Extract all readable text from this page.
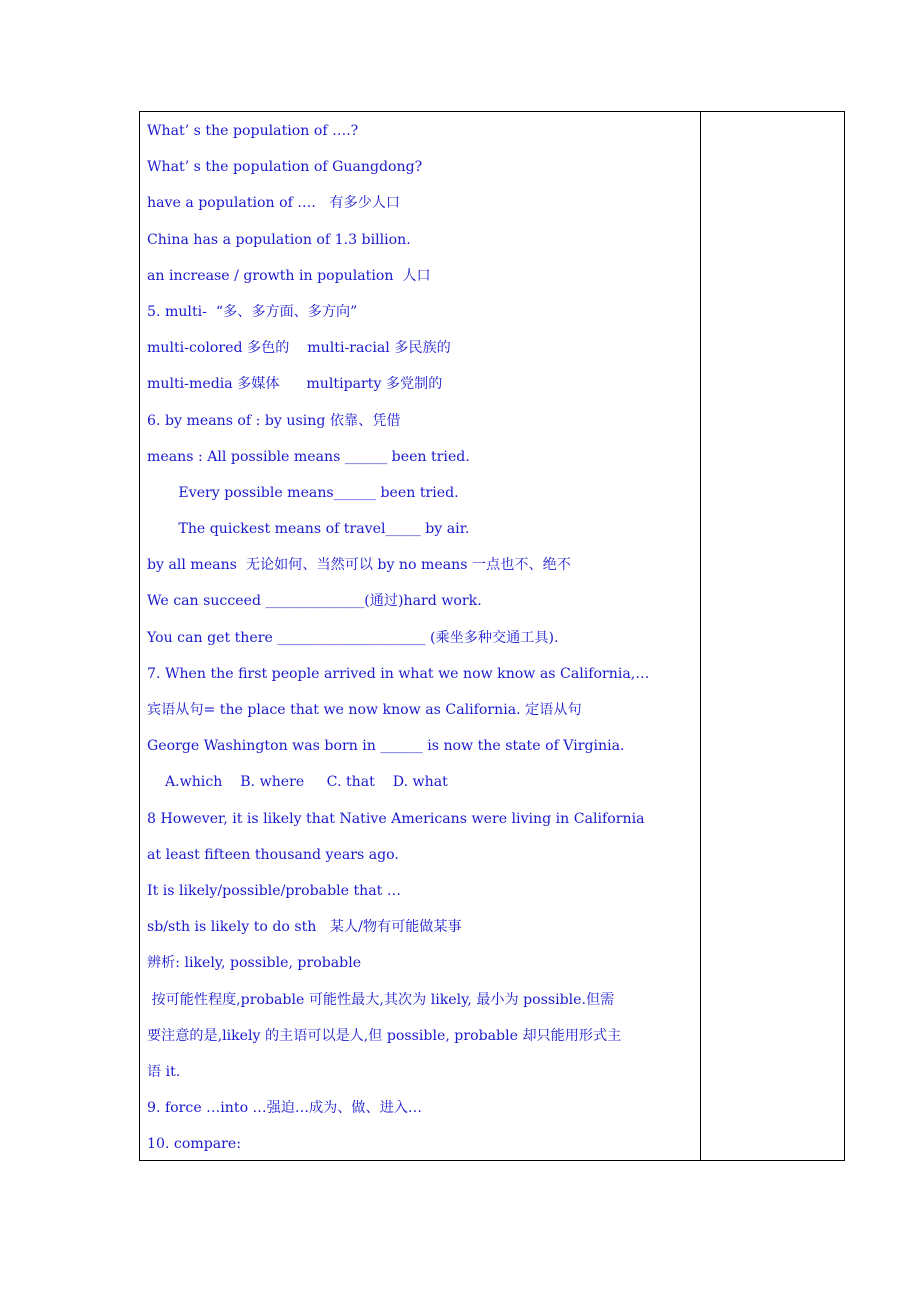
What’ s the population of ….?
What’ s the population of Guangdong?
have a population of ….   有多少人口
China has a population of 1.3 billion.
an increase / growth in population  人口
5. multi-  “多、多方面、多方向”
multi-colored 多色的    multi-racial 多民族的
multi-media 多媒体      multiparty 多党制的
6. by means of : by using 依靠、凭借
means : All possible means ______ been tried.
Every possible means______ been tried.
The quickest means of travel_____ by air.
by all means  无论如何、当然可以 by no means 一点也不、绝不
We can succeed ______________(通过)hard work.
You can get there _____________________ (乘坐多种交通工具).
7. When the first people arrived in what we now know as California,…
宾语从句= the place that we now know as California. 定语从句
George Washington was born in ______ is now the state of Virginia.
A.which    B. where     C. that    D. what
8 However, it is likely that Native Americans were living in California
at least fifteen thousand years ago.
It is likely/possible/probable that …
sb/sth is likely to do sth   某人/物有可能做某事
辨析: likely, possible, probable
按可能性程度,probable 可能性最大,其次为 likely, 最小为 possible.但需
要注意的是,likely 的主语可以是人,但 possible, probable 却只能用形式主
语 it.
9. force …into …强迫…成为、做、进入…
10. compare:
